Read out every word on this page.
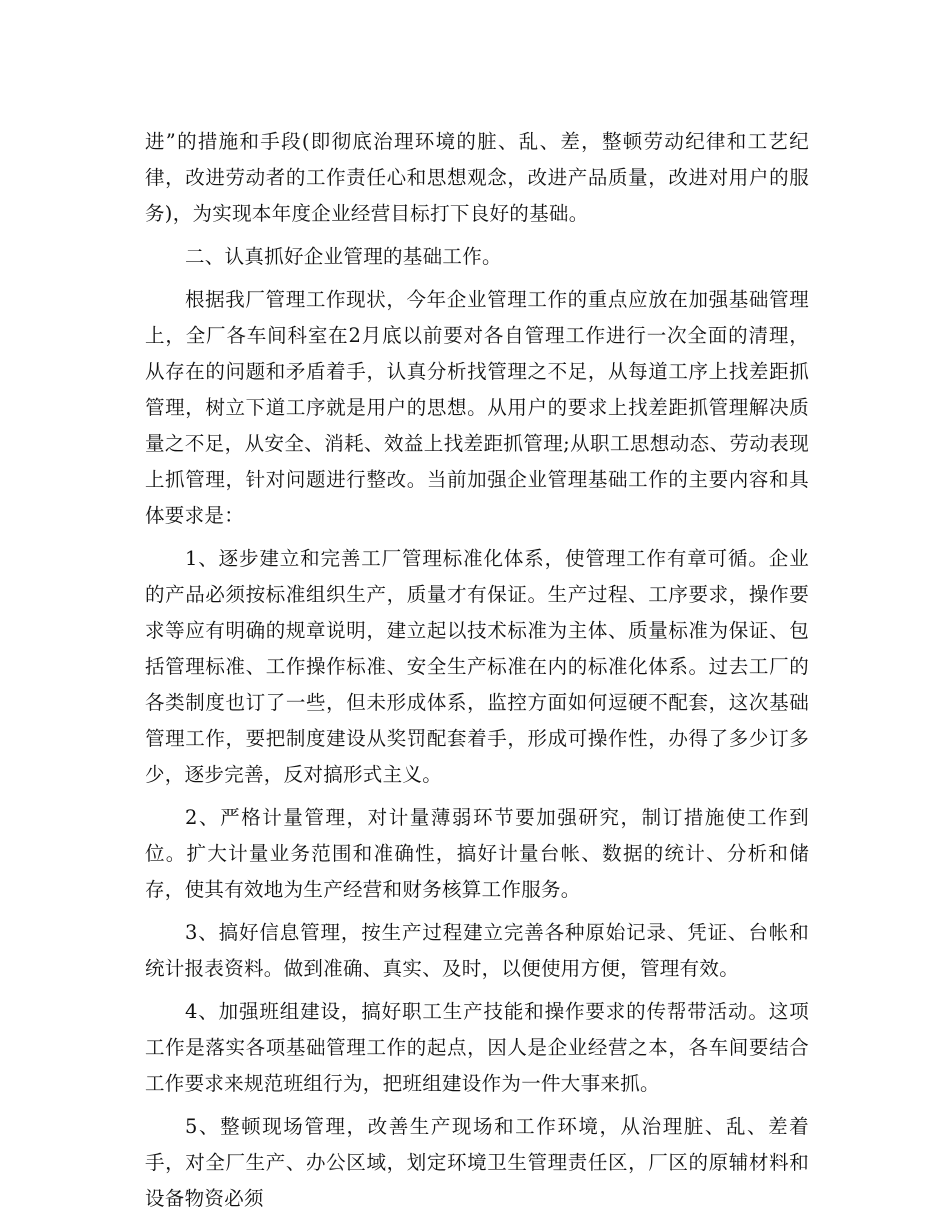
进”的措施和手段(即彻底治理环境的脏、乱、差，整顿劳动纪律和工艺纪律，改进劳动者的工作责任心和思想观念，改进产品质量，改进对用户的服务)，为实现本年度企业经营目标打下良好的基础。

二、认真抓好企业管理的基础工作。

根据我厂管理工作现状，今年企业管理工作的重点应放在加强基础管理上，全厂各车间科室在2月底以前要对各自管理工作进行一次全面的清理，从存在的问题和矛盾着手，认真分析找管理之不足，从每道工序上找差距抓管理，树立下道工序就是用户的思想。从用户的要求上找差距抓管理解决质量之不足，从安全、消耗、效益上找差距抓管理;从职工思想动态、劳动表现上抓管理，针对问题进行整改。当前加强企业管理基础工作的主要内容和具体要求是：

1、逐步建立和完善工厂管理标准化体系，使管理工作有章可循。企业的产品必须按标准组织生产，质量才有保证。生产过程、工序要求，操作要求等应有明确的规章说明，建立起以技术标准为主体、质量标准为保证、包括管理标准、工作操作标准、安全生产标准在内的标准化体系。过去工厂的各类制度也订了一些，但未形成体系，监控方面如何逗硬不配套，这次基础管理工作，要把制度建设从奖罚配套着手，形成可操作性，办得了多少订多少，逐步完善，反对搞形式主义。

2、严格计量管理，对计量薄弱环节要加强研究，制订措施使工作到位。扩大计量业务范围和准确性，搞好计量台帐、数据的统计、分析和储存，使其有效地为生产经营和财务核算工作服务。

3、搞好信息管理，按生产过程建立完善各种原始记录、凭证、台帐和统计报表资料。做到准确、真实、及时，以便使用方便，管理有效。

4、加强班组建设，搞好职工生产技能和操作要求的传帮带活动。这项工作是落实各项基础管理工作的起点，因人是企业经营之本，各车间要结合工作要求来规范班组行为，把班组建设作为一件大事来抓。

5、整顿现场管理，改善生产现场和工作环境，从治理脏、乱、差着手，对全厂生产、办公区域，划定环境卫生管理责任区，厂区的原辅材料和设备物资必须
